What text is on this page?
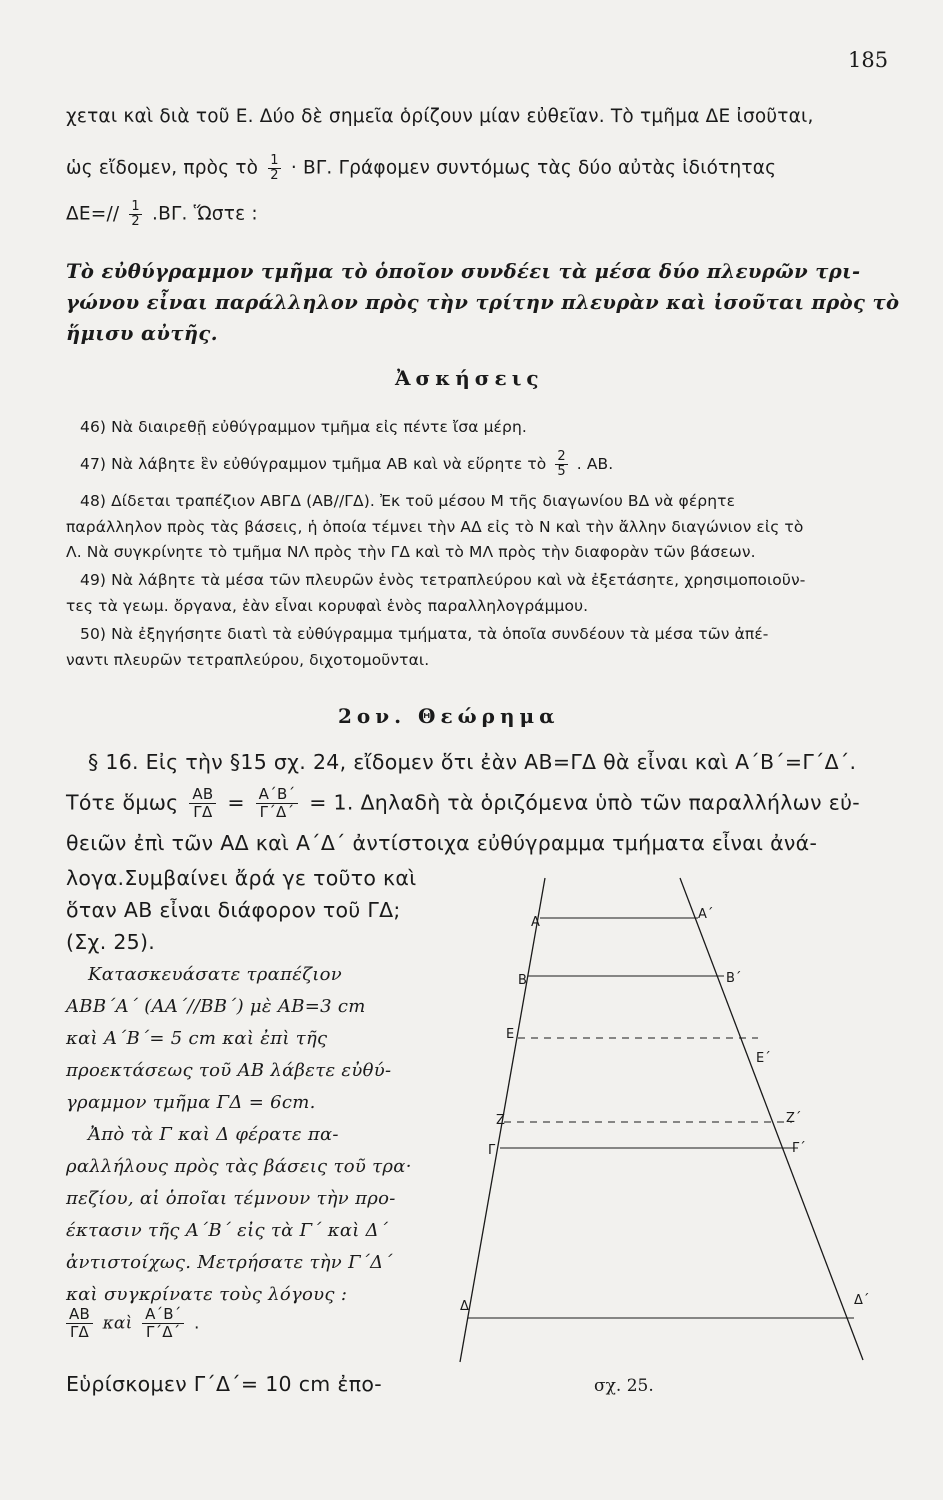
185
χεται καὶ διὰ τοῦ Ε. Δύο δὲ σημεῖα ὁρίζουν μίαν εὐθεῖαν. Τὸ τμῆμα ΔΕ ἰσοῦται,
ὡς εἴδομεν, πρὸς τὸ $\frac{1}{2} \cdot B\Gamma$. Γράφομεν συντόμως τὰς δύο αὐτὰς ἰδιότητας
$\Delta E=// \frac{1}{2} .B\Gamma$. Ὥστε :
Τὸ εὐθύγραμμον τμῆμα τὸ ὁποῖον συνδέει τὰ μέσα δύο πλευρῶν τρι-
γώνου εἶναι παράλληλον πρὸς τὴν τρίτην πλευρὰν καὶ ἰσοῦται πρὸς τὸ
ἥμισυ αὐτῆς.
Ἀσκήσεις
46) Νὰ διαιρεθῇ εὐθύγραμμον τμῆμα εἰς πέντε ἴσα μέρη.
47) Νὰ λάβητε ἓν εὐθύγραμμον τμῆμα ΑΒ καὶ νὰ εὕρητε τὸ $\frac{2}{5}$ . ΑΒ.
48) Δίδεται τραπέζιον ΑΒΓΔ (ΑΒ//ΓΔ). Ἐκ τοῦ μέσου Μ τῆς διαγωνίου ΒΔ νὰ φέρητε
παράλληλον πρὸς τὰς βάσεις, ἡ ὁποία τέμνει τὴν ΑΔ εἰς τὸ Ν καὶ τὴν ἄλλην διαγώνιον εἰς τὸ
Λ. Νὰ συγκρίνητε τὸ τμῆμα ΝΛ πρὸς τὴν ΓΔ καὶ τὸ ΜΛ πρὸς τὴν διαφορὰν τῶν βάσεων.
49) Νὰ λάβητε τὰ μέσα τῶν πλευρῶν ἑνὸς τετραπλεύρου καὶ νὰ ἐξετάσητε, χρησιμοποιοῦν-
τες τὰ γεωμ. ὄργανα, ἐὰν εἶναι κορυφαὶ ἑνὸς παραλληλογράμμου.
50) Νὰ ἐξηγήσητε διατὶ τὰ εὐθύγραμμα τμήματα, τὰ ὁποῖα συνδέουν τὰ μέσα τῶν ἀπέ-
ναντι πλευρῶν τετραπλεύρου, διχοτομοῦνται.
2ον. Θεώρημα
§ 16. Εἰς τὴν §15 σχ. 24, εἴδομεν ὅτι ἐὰν ΑΒ=ΓΔ θὰ εἶναι καὶ Α΄Β΄=Γ΄Δ΄.
Τότε ὅμως $\frac{AB}{\Gamma\Delta} = \frac{A΄B΄}{\Gamma΄\Delta΄} = 1$. Δηλαδὴ τὰ ὁριζόμενα ὑπὸ τῶν παραλλήλων εὐ-
θειῶν ἐπὶ τῶν ΑΔ καὶ Α΄Δ΄ ἀντίστοιχα εὐθύγραμμα τμήματα εἶναι ἀνά-
λογα.Συμβαίνει ἄρά γε τοῦτο καὶ
ὅταν ΑΒ εἶναι διάφορον τοῦ ΓΔ;
(Σχ. 25).
Κατασκευάσατε τραπέζιον
ΑΒΒ΄Α΄ (ΑΑ΄//ΒΒ΄) μὲ ΑΒ=3 cm
καὶ Α΄Β΄= 5 cm καὶ ἐπὶ τῆς
προεκτάσεως τοῦ ΑΒ λάβετε εὐθύ-
γραμμον τμῆμα ΓΔ = 6cm.
Ἀπὸ τὰ Γ καὶ Δ φέρατε πα-
ραλλήλους πρὸς τὰς βάσεις τοῦ τρα·
πεζίου, αἱ ὁποῖαι τέμνουν τὴν προ-
έκτασιν τῆς Α΄Β΄ εἰς τὰ Γ΄ καὶ Δ΄
ἀντιστοίχως. Μετρήσατε τὴν Γ΄Δ΄
καὶ συγκρίνατε τοὺς λόγους :
$\frac{AB}{\Gamma\Delta}$ καὶ $\frac{A΄B΄}{\Gamma΄\Delta΄}$ .
Εὑρίσκομεν Γ΄Δ΄= 10 cm ἐπο-
Α
Α΄
Β	Β΄
Ε
Ε΄
Ζ	Ζ΄
Γ	Γ΄
Δ	Δ΄
σχ. 25.
